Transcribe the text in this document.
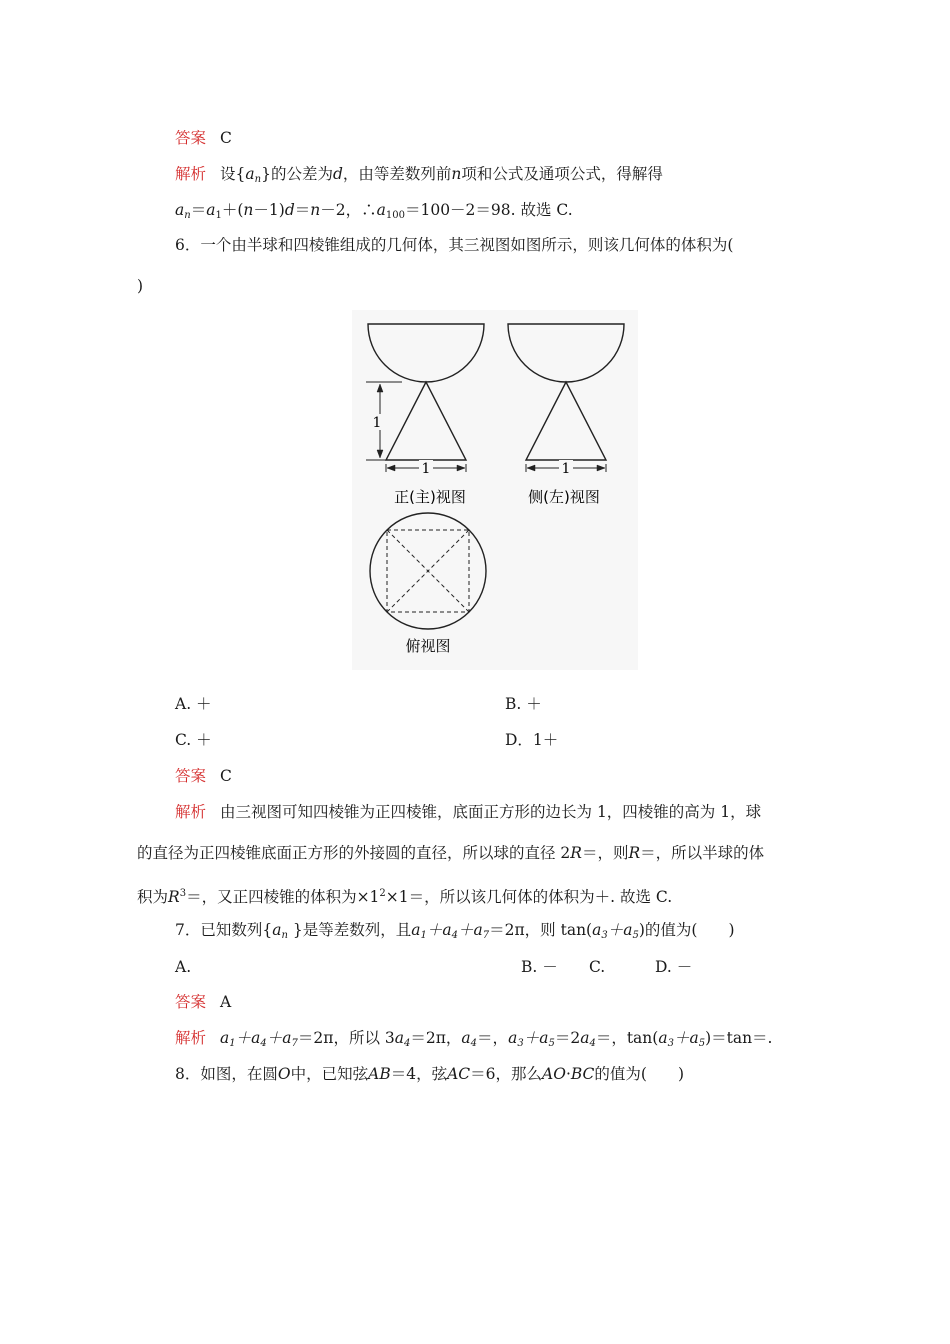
答案 C
解析 设$\{a_n\}$的公差为d，由等差数列前n项和公式及通项公式，得解得
$a_n=a_1+(n-1)d=n-2$，$\therefore a_{100}=100-2=98$. 故选 C.
6．一个由半球和四棱锥组成的几何体，其三视图如图所示，则该几何体的体积为(
)
1
1
正(主)视图
1
侧(左)视图
俯视图
A. ＋	B. ＋
C. ＋	D．1＋
答案 C
解析 由三视图可知四棱锥为正四棱锥，底面正方形的边长为 1，四棱锥的高为 1，球
的直径为正四棱锥底面正方形的外接圆的直径，所以球的直径 2R＝，则R＝，所以半球的体
积为$R^3=$，又正四棱锥的体积为$\times 1^2\times 1=$，所以该几何体的体积为＋. 故选 C.
7．已知数列{$a_n$ }是等差数列，且$a_1+a_4+a_7=2\pi$，则 $\tan(a_3+a_5)$的值为(　　)
A.	B. － C.	D. －
答案 A
解析 $a_1+a_4+a_7=2\pi$，所以 $3a_4=2\pi$，$a_4=$，$a_3+a_5=2a_4=$，$\tan(a_3+a_5)=\tan=$.
8．如图，在圆O中，已知弦AB＝4，弦AC＝6，那么AO·BC的值为(　　)
